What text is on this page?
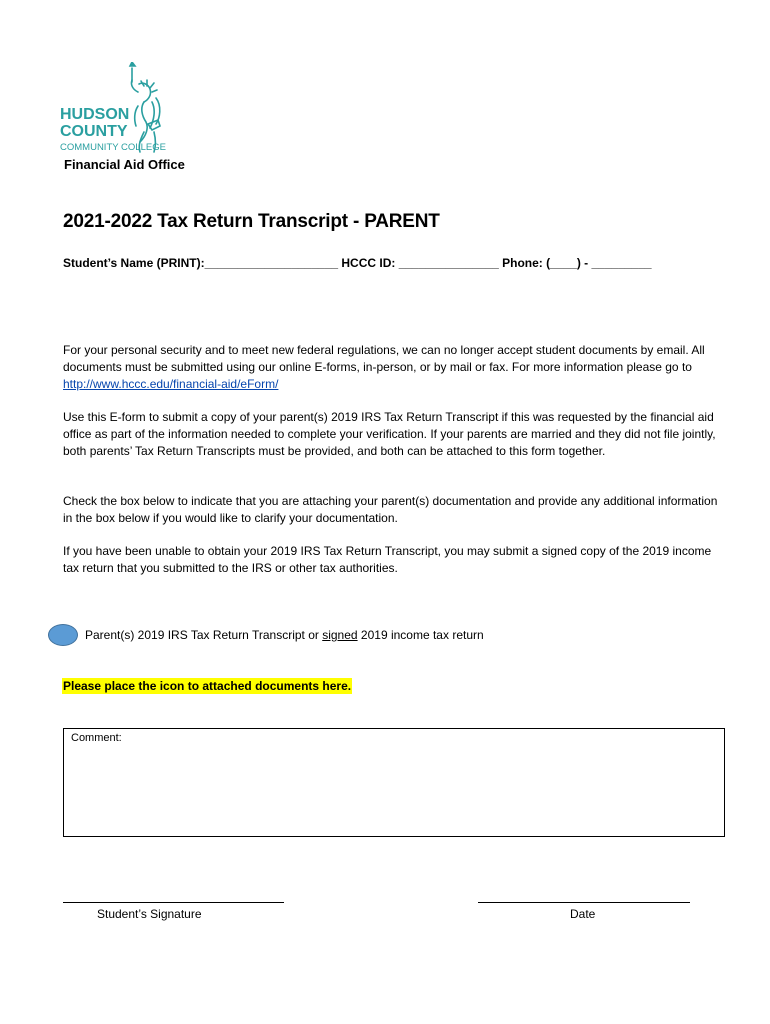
HUDSON
COUNTY
COMMUNITY COLLEGE
Financial Aid Office
2021-2022 Tax Return Transcript - PARENT
Student’s Name (PRINT):____________________ HCCC ID: _______________ Phone: (____) - _________
For your personal security and to meet new federal regulations, we can no longer accept student documents by email. All documents must be submitted using our online E-forms, in-person, or by mail or fax. For more information please go to http://www.hccc.edu/financial-aid/eForm/
Use this E-form to submit a copy of your parent(s) 2019 IRS Tax Return Transcript if this was requested by the financial aid office as part of the information needed to complete your verification. If your parents are married and they did not file jointly, both parents’ Tax Return Transcripts must be provided, and both can be attached to this form together.
Check the box below to indicate that you are attaching your parent(s) documentation and provide any additional information in the box below if you would like to clarify your documentation.
If you have been unable to obtain your 2019 IRS Tax Return Transcript, you may submit a signed copy of the 2019 income tax return that you submitted to the IRS or other tax authorities.
Parent(s) 2019 IRS Tax Return Transcript or signed 2019 income tax return
Please place the icon to attached documents here.
Comment:
Student’s Signature	Date
